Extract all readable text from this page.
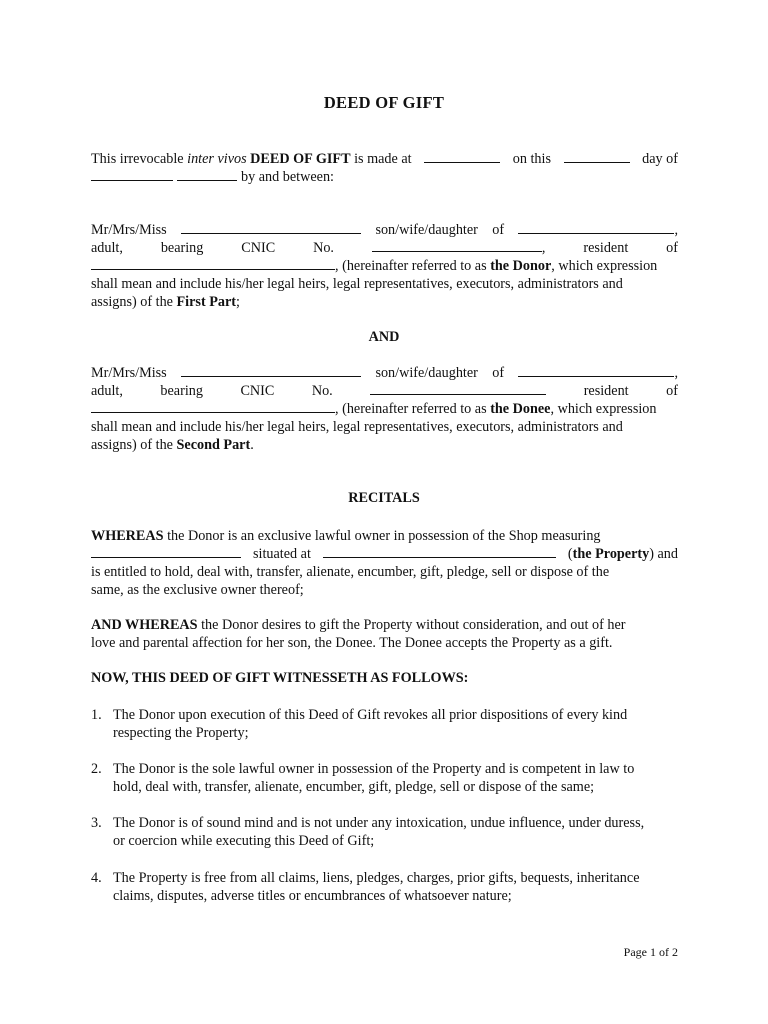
DEED OF GIFT
This irrevocable inter vivos DEED OF GIFT is made at	on this	day of
by and between:
Mr/Mrs/Miss	son/wife/daughter of	,
adult,	bearing	CNIC	No.	,	resident	of
, (hereinafter referred to as the Donor, which expression
shall mean and include his/her legal heirs, legal representatives, executors, administrators and
assigns) of the First Part;
AND
Mr/Mrs/Miss	son/wife/daughter of	,
adult,	bearing	CNIC	No.	resident	of
, (hereinafter referred to as the Donee, which expression
shall mean and include his/her legal heirs, legal representatives, executors, administrators and
assigns) of the Second Part.
RECITALS
WHEREAS the Donor is an exclusive lawful owner in possession of the Shop measuring
situated at	(the Property) and
is entitled to hold, deal with, transfer, alienate, encumber, gift, pledge, sell or dispose of the
same, as the exclusive owner thereof;
AND WHEREAS the Donor desires to gift the Property without consideration, and out of her
love and parental affection for her son, the Donee. The Donee accepts the Property as a gift.
NOW, THIS DEED OF GIFT WITNESSETH AS FOLLOWS:
1. The Donor upon execution of this Deed of Gift revokes all prior dispositions of every kind
respecting the Property;
2. The Donor is the sole lawful owner in possession of the Property and is competent in law to
hold, deal with, transfer, alienate, encumber, gift, pledge, sell or dispose of the same;
3. The Donor is of sound mind and is not under any intoxication, undue influence, under duress,
or coercion while executing this Deed of Gift;
4. The Property is free from all claims, liens, pledges, charges, prior gifts, bequests, inheritance
claims, disputes, adverse titles or encumbrances of whatsoever nature;
Page 1 of 2
